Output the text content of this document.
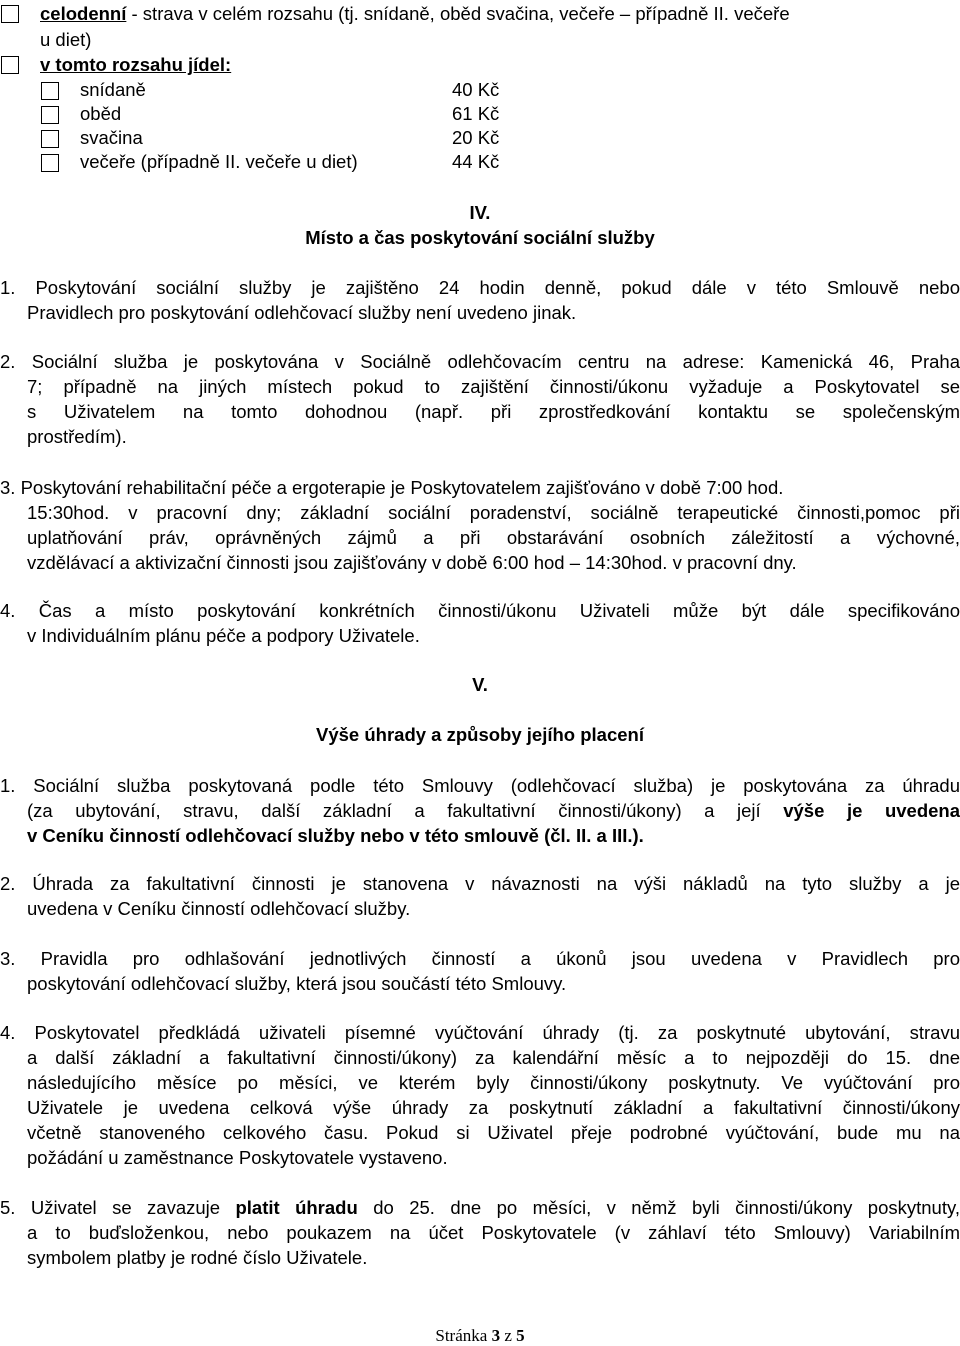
celodenní - strava v celém rozsahu (tj. snídaně, oběd svačina, večeře – případně II. večeře
u diet)
v tomto rozsahu jídel:
snídaně	40 Kč
oběd	61 Kč
svačina	20 Kč
večeře (případně II. večeře u diet)	44 Kč
IV.
Místo a čas poskytování sociální služby
1. Poskytování sociální služby je zajištěno 24 hodin denně, pokud dále v této Smlouvě nebo
Pravidlech pro poskytování odlehčovací služby není uvedeno jinak.
2. Sociální služba je poskytována v Sociálně odlehčovacím centru na adrese: Kamenická 46, Praha
7; případně na jiných místech pokud to zajištění činnosti/úkonu vyžaduje a Poskytovatel se
s Uživatelem na tomto dohodnou (např. při zprostředkování kontaktu se společenským
prostředím).
3. Poskytování rehabilitační péče a ergoterapie je Poskytovatelem zajišťováno v době 7:00 hod.
15:30hod. v pracovní dny; základní sociální poradenství, sociálně terapeutické činnosti,pomoc při
uplatňování práv, oprávněných zájmů a při obstarávání osobních záležitostí a výchovné,
vzdělávací a aktivizační činnosti jsou zajišťovány v době 6:00 hod – 14:30hod. v pracovní dny.
4. Čas a místo poskytování konkrétních činnosti/úkonu Uživateli může být dále specifikováno
v Individuálním plánu péče a podpory Uživatele.
V.
Výše úhrady a způsoby jejího placení
1. Sociální služba poskytovaná podle této Smlouvy (odlehčovací služba) je poskytována za úhradu
(za ubytování, stravu, další základní a fakultativní činnosti/úkony) a její výše je uvedena
v Ceníku činností odlehčovací služby nebo v této smlouvě (čl. II. a III.).
2. Úhrada za fakultativní činnosti je stanovena v návaznosti na výši nákladů na tyto služby a je
uvedena v Ceníku činností odlehčovací služby.
3. Pravidla pro odhlašování jednotlivých činností a úkonů jsou uvedena v Pravidlech pro
poskytování odlehčovací služby, která jsou součástí této Smlouvy.
4. Poskytovatel předkládá uživateli písemné vyúčtování úhrady (tj. za poskytnuté ubytování, stravu
a další základní a fakultativní činnosti/úkony) za kalendářní měsíc a to nejpozději do 15. dne
následujícího měsíce po měsíci, ve kterém byly činnosti/úkony poskytnuty. Ve vyúčtování pro
Uživatele je uvedena celková výše úhrady za poskytnutí základní a fakultativní činnosti/úkony
včetně stanoveného celkového času. Pokud si Uživatel přeje podrobné vyúčtování, bude mu na
požádání u zaměstnance Poskytovatele vystaveno.
5. Uživatel se zavazuje platit úhradu do 25. dne po měsíci, v němž byli činnosti/úkony poskytnuty,
a to buďsloženkou, nebo poukazem na účet Poskytovatele (v záhlaví této Smlouvy) Variabilním
symbolem platby je rodné číslo Uživatele.
Stránka 3 z 5
